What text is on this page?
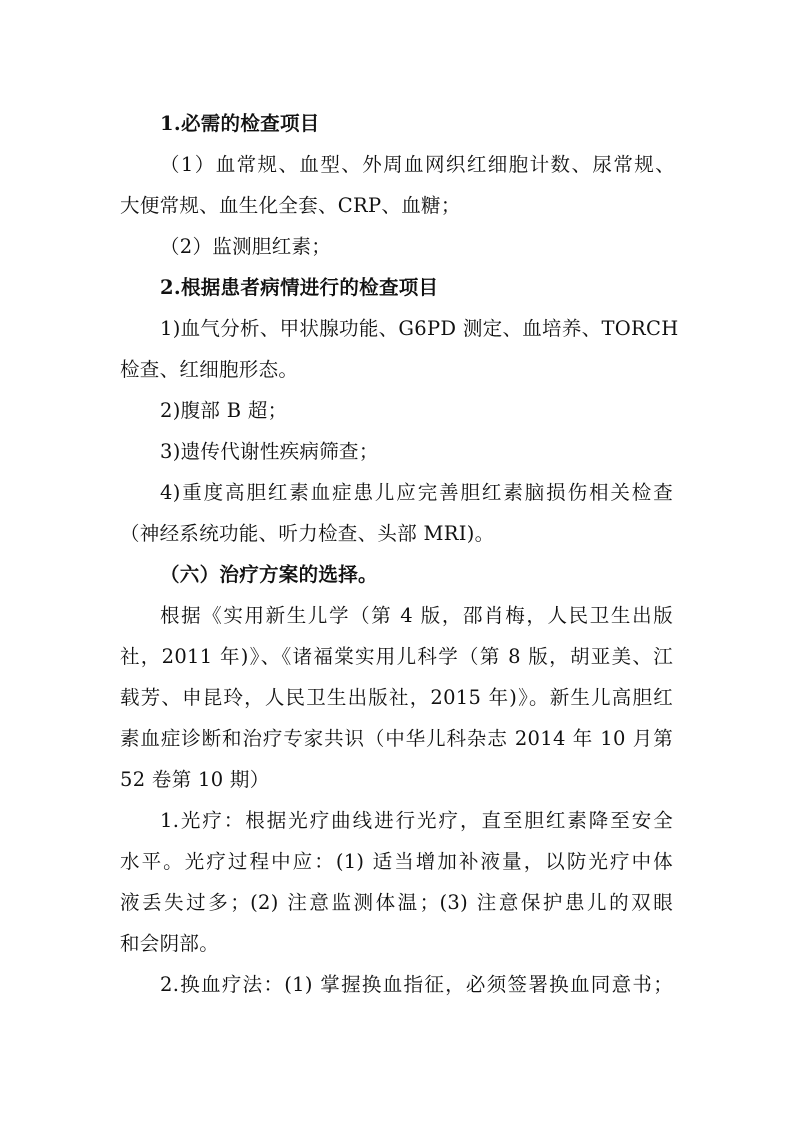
1.必需的检查项目
（1）血常规、血型、外周血网织红细胞计数、尿常规、
大便常规、血生化全套、CRP、血糖；
（2）监测胆红素；
2.根据患者病情进行的检查项目
1)血气分析、甲状腺功能、G6PD 测定、血培养、TORCH
检查、红细胞形态。
2)腹部 B 超；
3)遗传代谢性疾病筛查；
4)重度高胆红素血症患儿应完善胆红素脑损伤相关检查
（神经系统功能、听力检查、头部 MRI)。
（六）治疗方案的选择。
根据《实用新生儿学（第 4 版，邵肖梅，人民卫生出版
社，2011 年)》、《诸福棠实用儿科学（第 8 版，胡亚美、江
载芳、申昆玲，人民卫生出版社，2015 年)》。新生儿高胆红
素血症诊断和治疗专家共识（中华儿科杂志 2014 年 10 月第
52 卷第 10 期）
1.光疗：根据光疗曲线进行光疗，直至胆红素降至安全
水平。光疗过程中应：(1) 适当增加补液量，以防光疗中体
液丢失过多；(2) 注意监测体温；(3) 注意保护患儿的双眼
和会阴部。
2.换血疗法：(1) 掌握换血指征，必须签署换血同意书；
